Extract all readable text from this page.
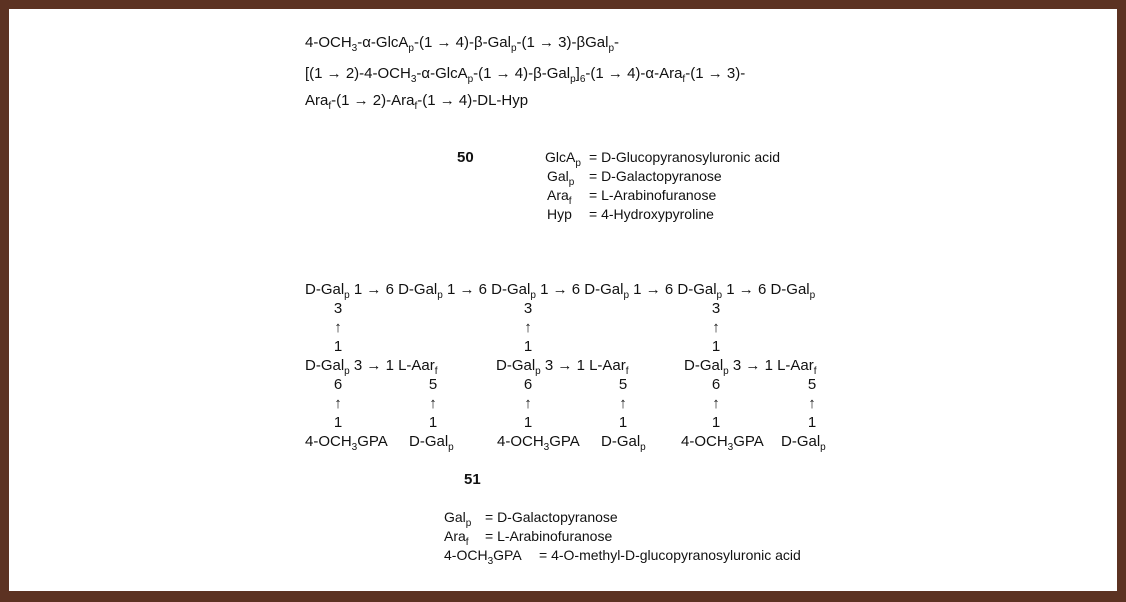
$4-OCH_3-\alpha-GlcA_p-(1 \to 4)-\beta-Gal_p-(1 \to 3)-\beta Gal_p-$
$[(1 \to 2)-4-OCH_3-\alpha-GlcA_p-(1 \to 4)-\beta-Gal_p]_6-(1 \to 4)-\alpha-Ara_f-(1 \to 3)-$
Ara$_f$-(1 → 2)-Ara$_f$-(1 → 4)-DL-Hyp
50	GlcA$_p$ = D-Glucopyranosyluronic acid
Gal$_p$ = D-Galactopyranose
Ara$_f$ = L-Arabinofuranose
Hyp = 4-Hydroxypyroline
D-Gal$_p$ 1 → 6 D-Gal$_p$ 1 → 6 D-Gal$_p$ 1 → 6 D-Gal$_p$ 1 → 6 D-Gal$_p$ 1 → 6 D-Gal$_p$
3
↑
1
3
↑
1
3
↑
1
D-Gal$_p$ 3 → 1 L-Aar$_f$	D-Gal$_p$ 3 → 1 L-Aar$_f$	D-Gal$_p$ 3 → 1 L-Aar$_f$
6
↑
1
5
↑
1
6
↑
1
5
↑
1
6
↑
1
5
↑
1
$4-OCH_3GPA$ D-Gal$_p$	$4-OCH_3GPA$ D-Gal$_p$ $4-OCH_3GPA$ D-Gal$_p$
51
Gal$_p$ = D-Galactopyranose
Ara$_f$ = L-Arabinofuranose
$4-OCH_3GPA$ = 4-O-methyl-D-glucopyranosyluronic acid
